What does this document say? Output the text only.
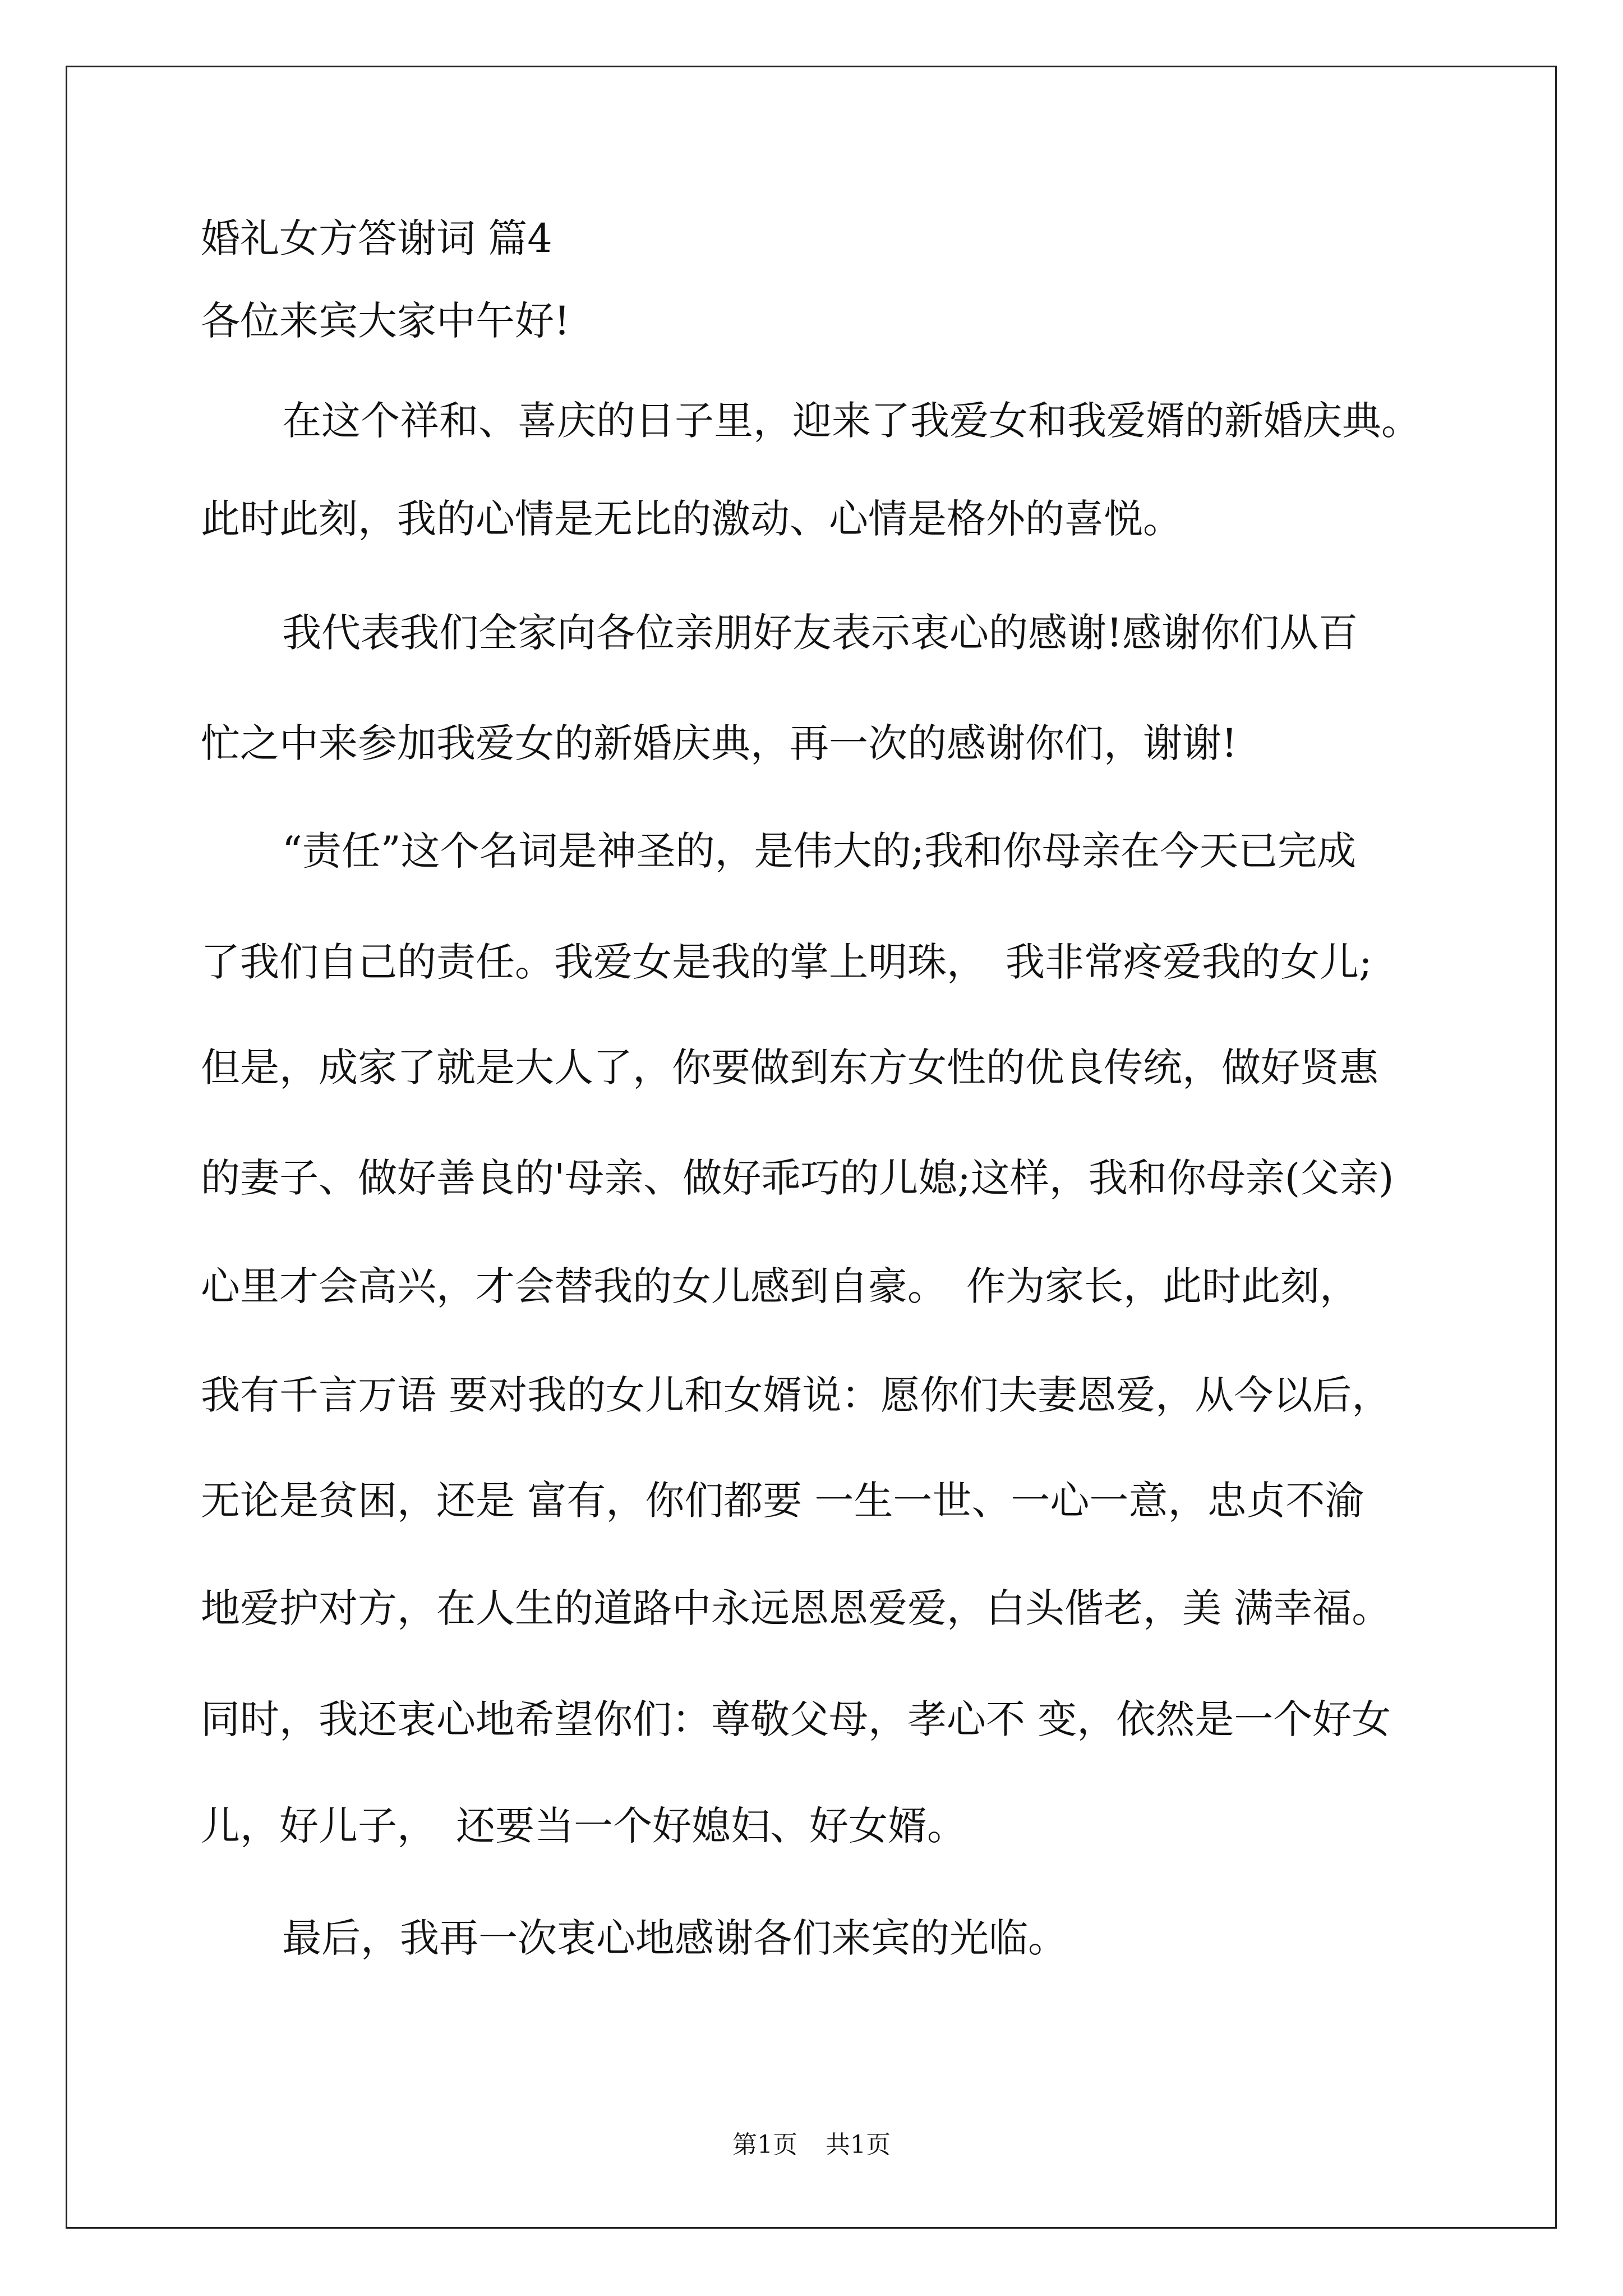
婚礼女方答谢词 篇4
各位来宾大家中午好!
在这个祥和、喜庆的日子里，迎来了我爱女和我爱婿的新婚庆典。
此时此刻，我的心情是无比的激动、心情是格外的喜悦。
我代表我们全家向各位亲朋好友表示衷心的感谢!感谢你们从百
忙之中来参加我爱女的新婚庆典，再一次的感谢你们，谢谢!
“责任”这个名词是神圣的，是伟大的;我和你母亲在今天已完成
了我们自己的责任。我爱女是我的掌上明珠，　我非常疼爱我的女儿;
但是，成家了就是大人了，你要做到东方女性的优良传统，做好贤惠
的妻子、做好善良的'母亲、做好乖巧的儿媳;这样，我和你母亲(父亲)
心里才会高兴，才会替我的女儿感到自豪。　作为家长，此时此刻，
我有千言万语 要对我的女儿和女婿说：愿你们夫妻恩爱，从今以后，
无论是贫困，还是 富有，你们都要 一生一世、一心一意，忠贞不渝
地爱护对方，在人生的道路中永远恩恩爱爱，白头偕老，美 满幸福。
同时，我还衷心地希望你们：尊敬父母，孝心不 变，依然是一个好女
儿，好儿子，　还要当一个好媳妇、好女婿。
最后，我再一次衷心地感谢各们来宾的光临。
第1页 共1页
